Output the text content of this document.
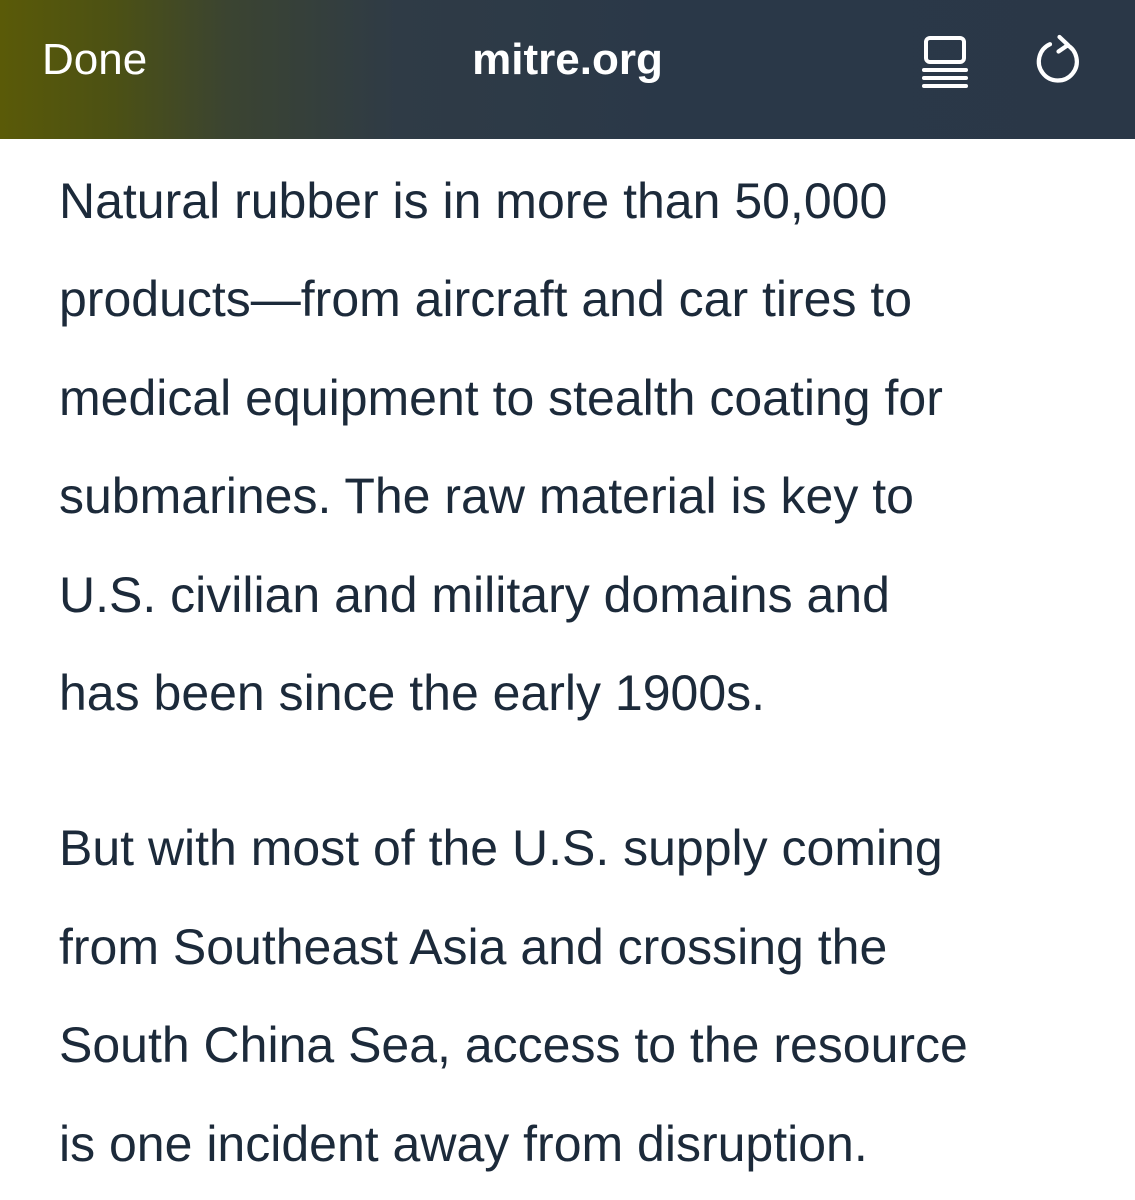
Done	mitre.org

Natural rubber is in more than 50,000
products—from aircraft and car tires to
medical equipment to stealth coating for
submarines. The raw material is key to
U.S. civilian and military domains and
has been since the early 1900s.

But with most of the U.S. supply coming
from Southeast Asia and crossing the
South China Sea, access to the resource
is one incident away from disruption.
